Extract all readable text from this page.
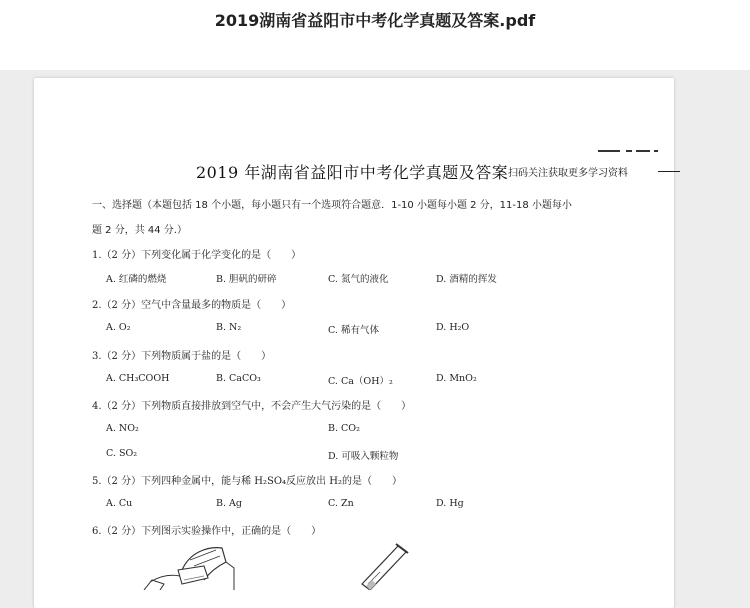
2019湖南省益阳市中考化学真题及答案.pdf
2019 年湖南省益阳市中考化学真题及答案 扫码关注获取更多学习资料
一、选择题（本题包括 18 个小题，每小题只有一个选项符合题意．1-10 小题每小题 2 分，11-18 小题每小
题 2 分，共 44 分.）
1.（2 分）下列变化属于化学变化的是（　　）
A. 红磷的燃烧	B. 胆矾的研碎	C. 氮气的液化	D. 酒精的挥发
2.（2 分）空气中含量最多的物质是（　　）
A. O₂	B. N₂	C. 稀有气体	D. H₂O
3.（2 分）下列物质属于盐的是（　　）
A. CH₃COOH	B. CaCO₃	C. Ca（OH）₂	D. MnO₂
4.（2 分）下列物质直接排放到空气中，不会产生大气污染的是（　　）
A. NO₂	B. CO₂
C. SO₂	D. 可吸入颗粒物
5.（2 分）下列四种金属中，能与稀 H₂SO₄反应放出 H₂的是（　　）
A. Cu	B. Ag	C. Zn	D. Hg
6.（2 分）下列图示实验操作中，正确的是（　　）
